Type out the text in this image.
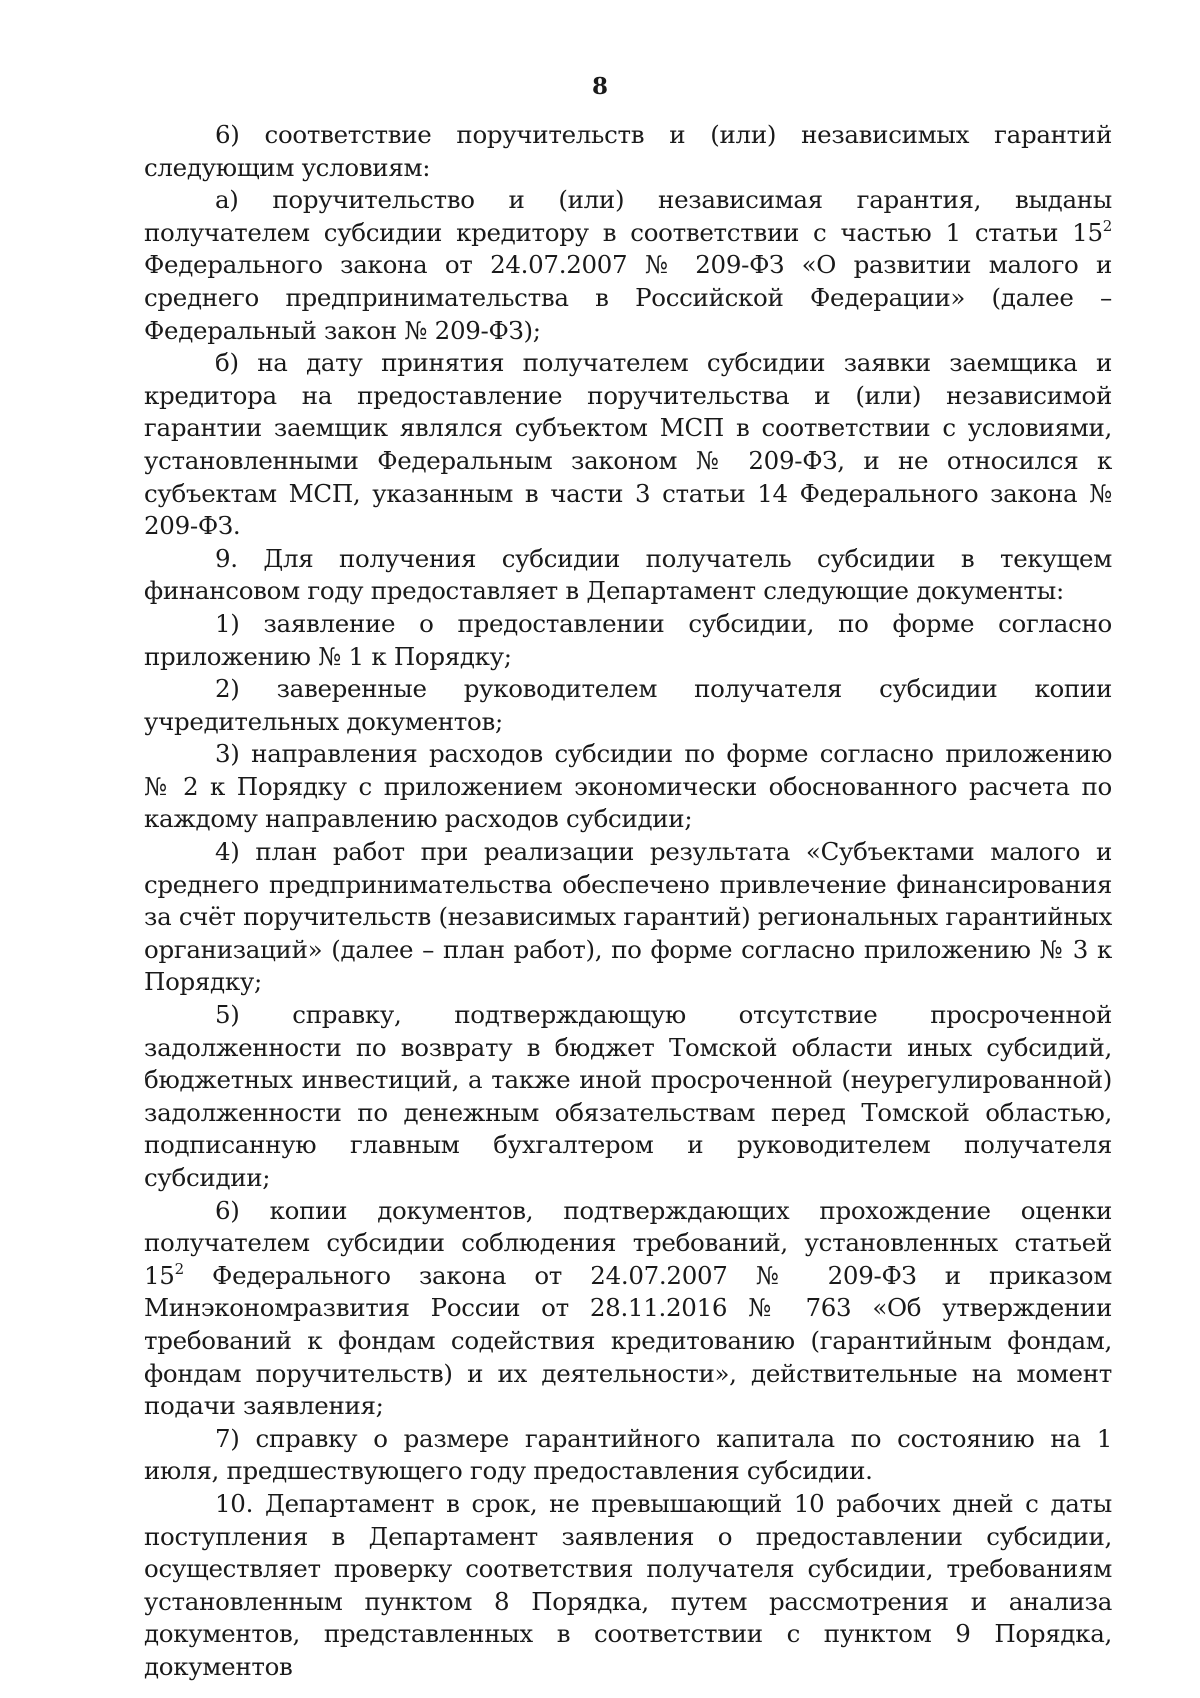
8

6) соответствие поручительств и (или) независимых гарантий следующим условиям:

а) поручительство и (или) независимая гарантия, выданы получателем субсидии кредитору в соответствии с частью 1 статьи $15^2$ Федерального закона от 24.07.2007 № 209-ФЗ «О развитии малого и среднего предпринимательства в Российской Федерации» (далее – Федеральный закон № 209-ФЗ);

б) на дату принятия получателем субсидии заявки заемщика и кредитора на предоставление поручительства и (или) независимой гарантии заемщик являлся субъектом МСП в соответствии с условиями, установленными Федеральным законом № 209-ФЗ, и не относился к субъектам МСП, указанным в части 3 статьи 14 Федерального закона № 209-ФЗ.

9. Для получения субсидии получатель субсидии в текущем финансовом году предоставляет в Департамент следующие документы:

1) заявление о предоставлении субсидии, по форме согласно приложению № 1 к Порядку;

2) заверенные руководителем получателя субсидии копии учредительных документов;

3) направления расходов субсидии по форме согласно приложению № 2 к Порядку с приложением экономически обоснованного расчета по каждому направлению расходов субсидии;

4) план работ при реализации результата «Субъектами малого и среднего предпринимательства обеспечено привлечение финансирования за счёт поручительств (независимых гарантий) региональных гарантийных организаций» (далее – план работ), по форме согласно приложению № 3 к Порядку;

5) справку, подтверждающую отсутствие просроченной задолженности по возврату в бюджет Томской области иных субсидий, бюджетных инвестиций, а также иной просроченной (неурегулированной) задолженности по денежным обязательствам перед Томской областью, подписанную главным бухгалтером и руководителем получателя субсидии;

6) копии документов, подтверждающих прохождение оценки получателем субсидии соблюдения требований, установленных статьей $15^2$ Федерального закона от 24.07.2007 № 209-ФЗ и приказом Минэкономразвития России от 28.11.2016 № 763 «Об утверждении требований к фондам содействия кредитованию (гарантийным фондам, фондам поручительств) и их деятельности», действительные на момент подачи заявления;

7) справку о размере гарантийного капитала по состоянию на 1 июля, предшествующего году предоставления субсидии.

10. Департамент в срок, не превышающий 10 рабочих дней с даты поступления в Департамент заявления о предоставлении субсидии, осуществляет проверку соответствия получателя субсидии, требованиям установленным пунктом 8 Порядка, путем рассмотрения и анализа документов, представленных в соответствии с пунктом 9 Порядка, документов
